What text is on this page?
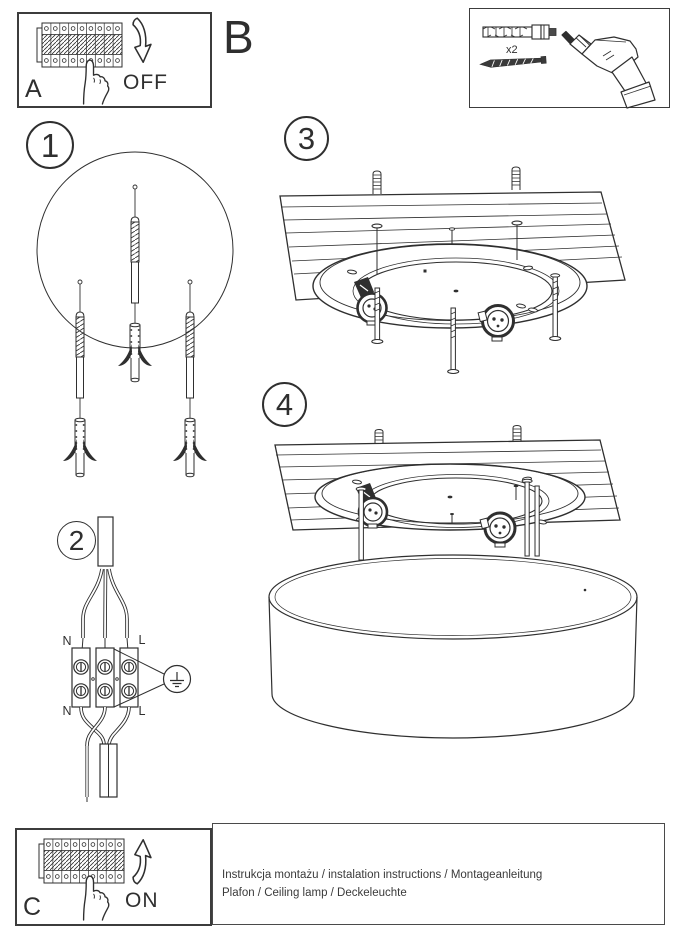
A	OFF
B	x2
1
2
N	L
N	L
3
4
C	ON
Instrukcja montażu / instalation instructions / Montageanleitung
Plafon / Ceiling lamp / Deckeleuchte
